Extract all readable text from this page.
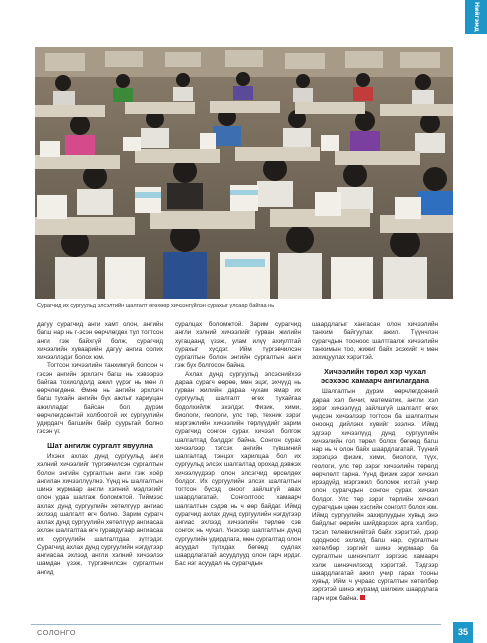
Нийгэмд
Сурагчид их сургуульд элсэлтийн шалгалт өгөхөөр хичээнгүйлэн сурахыг улсаар байгаа нь

дагуу сурагчид анги хамт олон, ангийн багш нар нь г-эсэн өөрчлөгдөх тул тогтсон анги гэж байхгүй болж, сурагчид хичээлийн хуваарийн дагуу ангиа солих хичээллэдэг болох юм.

Тогтсон хичээлийн танхимгүй болсон ч гэсэн ангийн эрхлэгч багш нь хэвээрээ байгаа тохиолдолд ажил үүрэг нь мөн л өөрчлөгдөнө. Өмнө нь ангийн эрхлэгч багш тухайн ангийн бүх ажлыг хариуцан ажилладаг байсан бол дүрэм өөрчлөгдсөнтэй холбоотой их сургуулийн удирдагч багшийн байр суурьтай болно гэсэн үг.

Шат ангилж сургалт явуулна

Ихэнх ахлах дунд сургуульд анги хэлний хичээлийг түргэвчилсэн сургалтын болон энгийн сургалтын анги гэж хоёр ангилан хичээллүүлнэ. Үүнд нь шалгалтын шинэ журмаар англи хэлний мэдлэгийг олон удаа шалгаж боломжтой. Тиймээс ахлах дунд сургуулийн хөтөлгүүр ангиас эхлээд шалгалт өгч болно. Зарим сурагч ахлах дунд сургуулийн хөтөлгүүр ангиасаа эхлэн шалгалтаа өгч гуравдугаар ангиасаа их сургуулийн шалгалтдаа зүтгэдэг. Сурагчид ахлах дунд сургуулийн нэгдүгээр ангиасаа эхлээд англи хэлний хичээлээ шамдан үзэж, түргэвчилсэн сургалтын ангид

суралцах боломжтой. Зарим сурагчид англи хэлний хичээлийг гурван жилийн хугацаанд үзэж, улам илүү ахиултгай сурахыг хүсдэг. Ийм түргэвчилсэн сургалтын болон энгийн сургалтын анги гэж бүх болгосон байна.

Ахлах дунд сургуульд элсэснийхээ дараа сурагч өөрөө, мөн эцэг, эхчүүд нь гурван жилийн дараа чухам ямар их сургуульд шалгалт өгөх тухайгаа бодолхийлж эхэлдэг. Физик, хими, биологи, геологи, улс төр, техник зэрэг мэргэжлийн хичээлийн төрлүүдийг зарим сурагчид сонгон сурах хичээл болгож шалгалтад бэлддэг байна. Сонгон сурах хичээлээр тэгсэх ангийн түвшиний шалгалтад тэнцэх харилцаа бол их сургуульд элсэх шалгалтад орохад дэвжэх хичээлүүдээр олон элсэгчид өрсөлдөх болдог. Их сургуулийн элсэх шалгалтын тогтсон бүсэд оноог зайлшгүй авах шаардлагатай. Сонголтоос хамаарч шалгалтын сэдэв нь ч өөр байдаг. Иймд сурагчид ахлах дунд сургуулийн нэгдүгээр ангиас эхлээд хичээлийн төрлөө сэв сонгох нь чухал. Үнэхээр шалгалтын дүнд сургуулийн удирдлага, мөн сургалтад олон асуудал түлхдах бөгөөд судлах шаардлагатай асуудлууд олон гарч ирдэг. Бас нэг асуудал нь сурагчдын

шаардлагыг хангасан олон хичээлийн танхим байгуулах ажил. Түүнчлэн сурагчдын тооноос шалтгаалж хичээлийн танхимын тоо, жижиг байх эсэхийг ч мөн зохицуулах хэрэгтэй.

Хичээлийн төрөл хэр чухал эсэхээс хамаарч ангилагдана

Шалгалтын дүрэм өөрчлөгдсөний дараа хэл бичиг, математик, англи хэл зэрэг хичээлүүд зайлшгүй шалгалт өгөх үндсэн хичээлээр тогтсон ба шалгалтын оноонд дийлэнх хувийг эзэлнэ. Иймд эдгээр хичээлүүд дунд сургуулийн хичээлийн гол төрөл болох бөгөөд багш нар нь ч олон байх шаардлагатай. Түүний зэрэгцээ физик, хими, биологи, түүх, геологи, улс төр зэрэг хичээлийн төрөлд өөрчлөлт гарна. Үүнд физик зэрэг хичээл ирээдүйд мэргэжил боломж ихтэй учир олон сурагчдын сонгон сурах хичээл болдог. Улс төр зэрэг төрлийн хичээл сурагчдын цөөн хэсгийн сонголт болох юм. Иймд сургуулийн захирлуудын хувьд энэ байдлыг өөрийн шийдвэрзэх арга хэлбэр, тэсэл телевилнийтэй байх хэрэгтэй, дээр ододноос эхлэлд багш нар, сургалтын хөтөлбөр зэргийг шинэ журмаар ба сургалтын шинэчлэлт зэргээс хамаарч хэлж шинэчилэхэд хэрэгтэй. Тэдгээр шаардлагатай ажил учир гарах тооны хувьд. Ийм ч учраас сургалтын хөтөлбөр зэргэтэй шинэ журамд шилжих шаардлага гарч ирж байна.

СОЛОНГО	35
